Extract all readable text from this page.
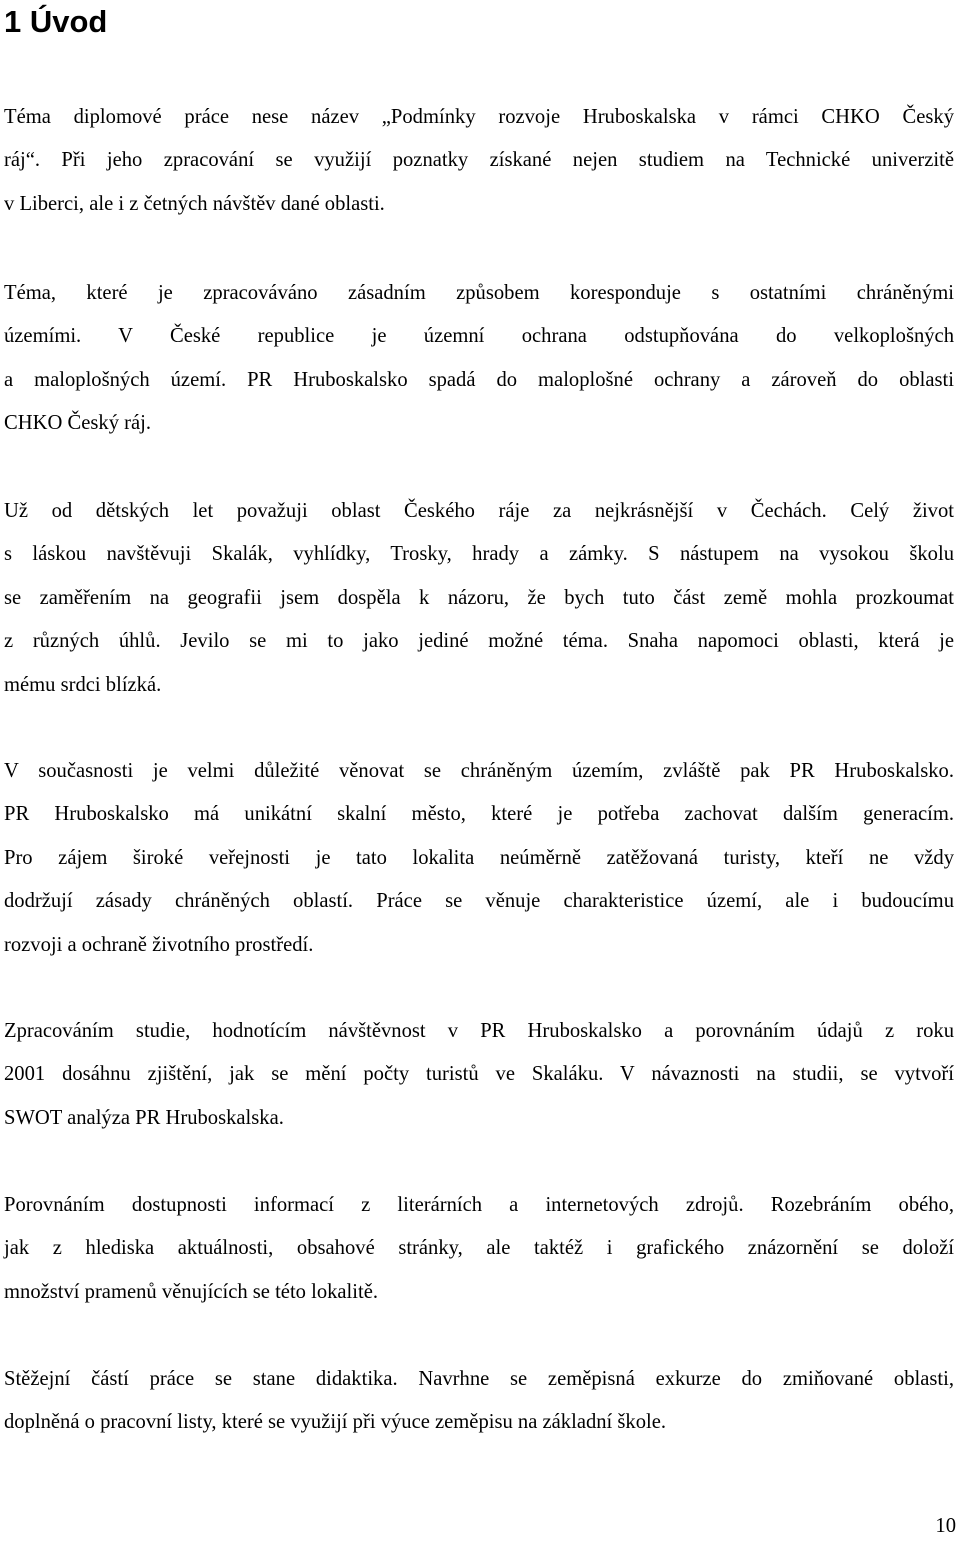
1 Úvod

Téma diplomové práce nese název „Podmínky rozvoje Hruboskalska v rámci CHKO Český
ráj“. Při jeho zpracování se využijí poznatky získané nejen studiem na Technické univerzitě
v Liberci, ale i z četných návštěv dané oblasti.

Téma, které je zpracováváno zásadním způsobem koresponduje s ostatními chráněnými
územími. V České republice je územní ochrana odstupňována do velkoplošných
a maloplošných území. PR Hruboskalsko spadá do maloplošné ochrany a zároveň do oblasti
CHKO Český ráj.

Už od dětských let považuji oblast Českého ráje za nejkrásnější v Čechách. Celý život
s láskou navštěvuji Skalák, vyhlídky, Trosky, hrady a zámky. S nástupem na vysokou školu
se zaměřením na geografii jsem dospěla k názoru, že bych tuto část země mohla prozkoumat
z různých úhlů. Jevilo se mi to jako jediné možné téma. Snaha napomoci oblasti, která je
mému srdci blízká.

V současnosti je velmi důležité věnovat se chráněným územím, zvláště pak PR Hruboskalsko.
PR Hruboskalsko má unikátní skalní město, které je potřeba zachovat dalším generacím.
Pro zájem široké veřejnosti je tato lokalita neúměrně zatěžovaná turisty, kteří ne vždy
dodržují zásady chráněných oblastí. Práce se věnuje charakteristice území, ale i budoucímu
rozvoji a ochraně životního prostředí.

Zpracováním studie, hodnotícím návštěvnost v PR Hruboskalsko a porovnáním údajů z roku
2001 dosáhnu zjištění, jak se mění počty turistů ve Skaláku. V návaznosti na studii, se vytvoří
SWOT analýza PR Hruboskalska.

Porovnáním dostupnosti informací z literárních a internetových zdrojů. Rozebráním obého,
jak z hlediska aktuálnosti, obsahové stránky, ale taktéž i grafického znázornění se doloží
množství pramenů věnujících se této lokalitě.

Stěžejní částí práce se stane didaktika. Navrhne se zeměpisná exkurze do zmiňované oblasti,
doplněná o pracovní listy, které se využijí při výuce zeměpisu na základní škole.

10
